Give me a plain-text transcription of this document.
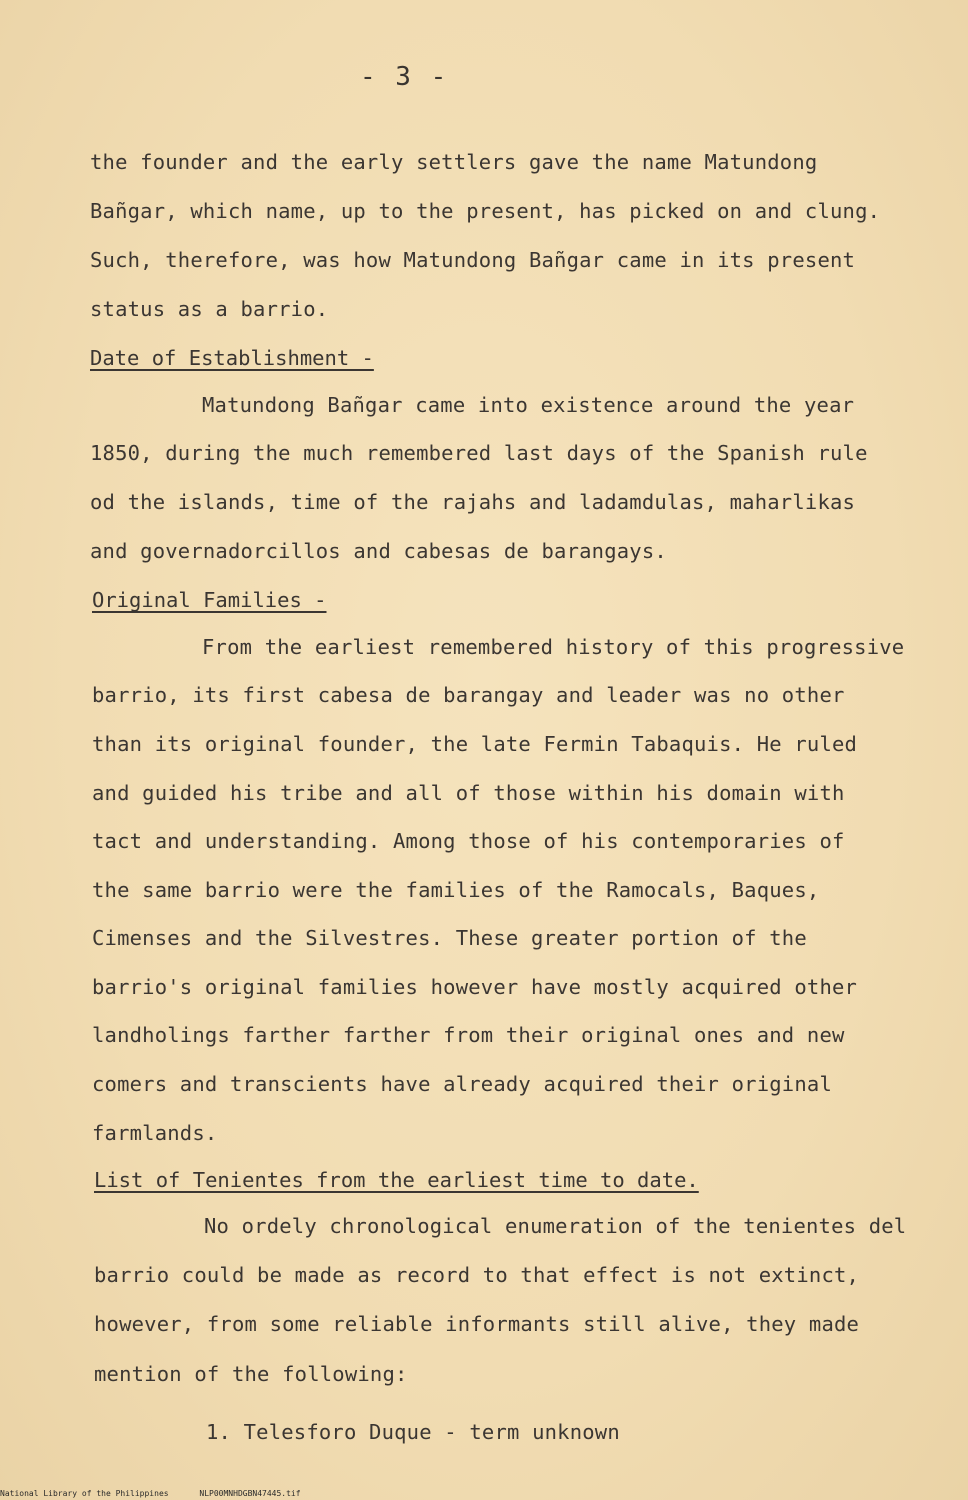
- 3 -
the founder and the early settlers gave the name Matundong
Bañgar, which name, up to the present, has picked on and clung.
Such, therefore, was how Matundong Bañgar came in its present
status as a barrio.
Date of Establishment -
Matundong Bañgar came into existence around the year
1850, during the much remembered last days of the Spanish rule
od the islands, time of the rajahs and ladamdulas, maharlikas
and governadorcillos and cabesas de barangays.
Original Families -
From the earliest remembered history of this progressive
barrio, its first cabesa de barangay and leader was no other
than its original founder, the late Fermin Tabaquis. He ruled
and guided his tribe and all of those within his domain with
tact and understanding. Among those of his contemporaries of
the same barrio were the families of the Ramocals, Baques,
Cimenses and the Silvestres. These greater portion of the
barrio's original families however have mostly acquired other
landholings farther farther from their original ones and new
comers and transcients have already acquired their original
farmlands.
List of Tenientes from the earliest time to date.
No ordely chronological enumeration of the tenientes del
barrio could be made as record to that effect is not extinct,
however, from some reliable informants still alive, they made
mention of the following:
1. Telesforo Duque - term unknown
National Library of the Philippines	NLP00MNHDGBN47445.tif
